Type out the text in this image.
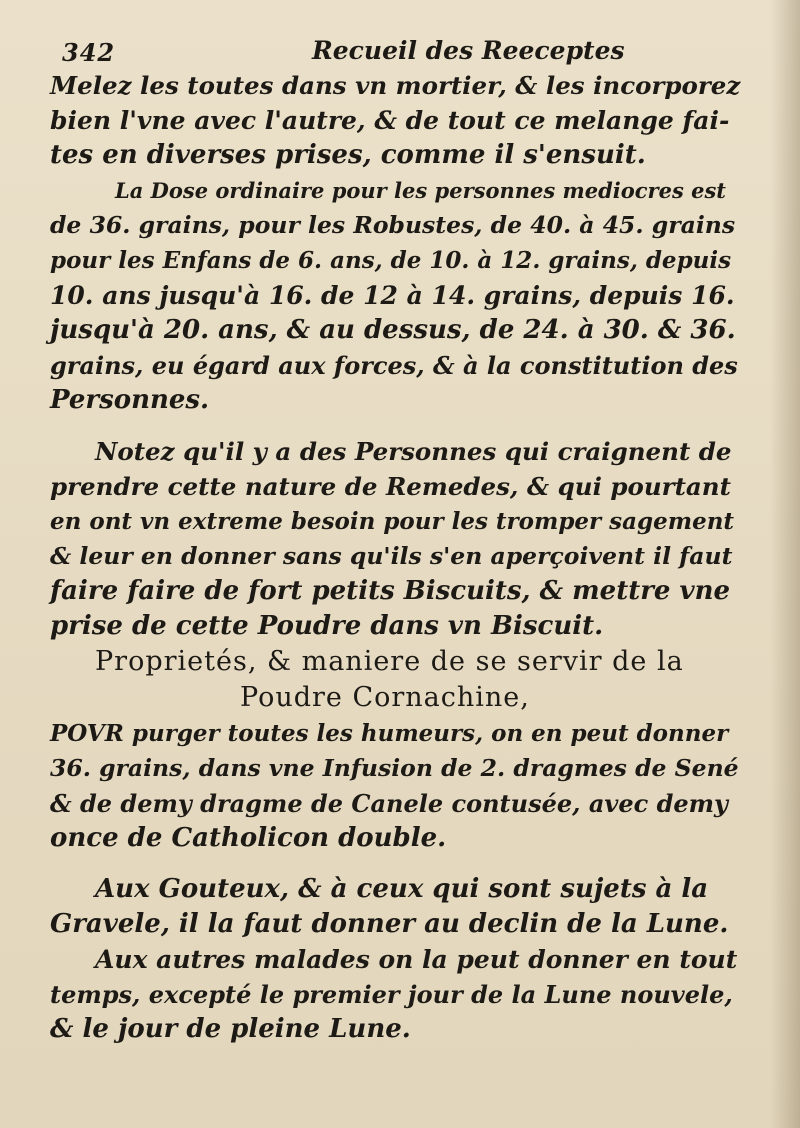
342	Recueil des Reeceptes
Melez les toutes dans vn mortier, & les incorporez
bien l'vne avec l'autre, & de tout ce melange fai-
tes en diverses prises, comme il s'ensuit.
La Dose ordinaire pour les personnes mediocres est
de 36. grains, pour les Robustes, de 40. à 45. grains
pour les Enfans de 6. ans, de 10. à 12. grains, depuis
10. ans jusqu'à 16. de 12 à 14. grains, depuis 16.
jusqu'à 20. ans, & au dessus, de 24. à 30. & 36.
grains, eu égard aux forces, & à la constitution des
Personnes.
Notez qu'il y a des Personnes qui craignent de
prendre cette nature de Remedes, & qui pourtant
en ont vn extreme besoin pour les tromper sagement
& leur en donner sans qu'ils s'en aperçoivent il faut
faire faire de fort petits Biscuits, & mettre vne
prise de cette Poudre dans vn Biscuit.
Proprietés, & maniere de se servir de la
Poudre Cornachine,
POVR purger toutes les humeurs, on en peut donner
36. grains, dans vne Infusion de 2. dragmes de Sené
& de demy dragme de Canele contusée, avec demy
once de Catholicon double.
Aux Gouteux, & à ceux qui sont sujets à la
Gravele, il la faut donner au declin de la Lune.
Aux autres malades on la peut donner en tout
temps, excepté le premier jour de la Lune nouvele,
& le jour de pleine Lune.
